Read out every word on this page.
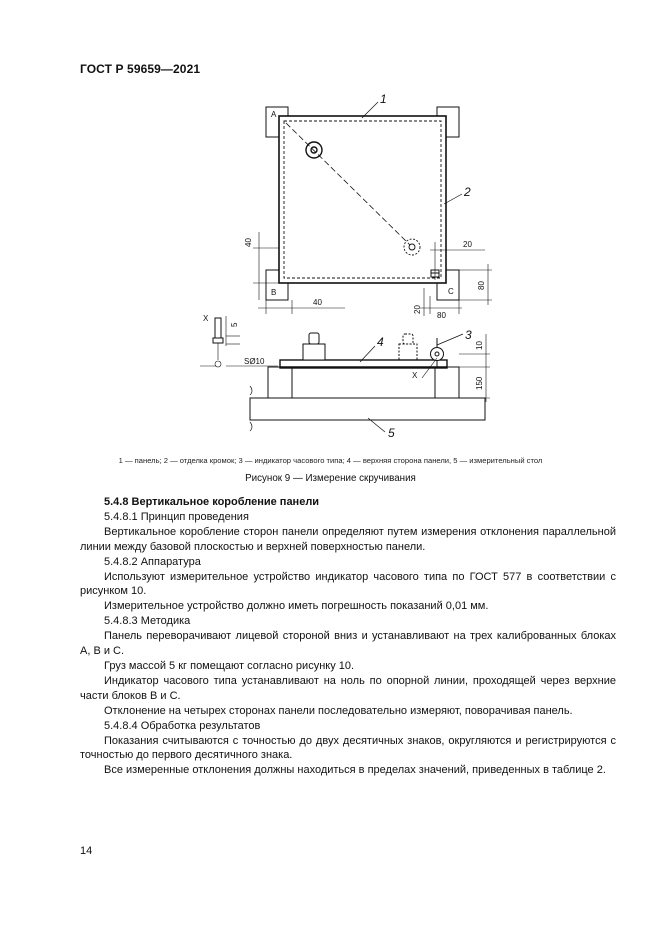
ГОСТ Р 59659—2021
1
2
3
4
5
A
B	C
40
40
20
80
20
80
X
5
SØ10
10
150
X
1 — панель; 2 — отделка кромок; 3 — индикатор часового типа; 4 — верхняя сторона панели, 5 — измерительный стол
Рисунок 9 — Измерение скручивания

5.4.8 Вертикальное коробление панели

5.4.8.1 Принцип проведения

Вертикальное коробление сторон панели определяют путем измерения отклонения параллельной линии между базовой плоскостью и верхней поверхностью панели.

5.4.8.2 Аппаратура

Используют измерительное устройство индикатор часового типа по ГОСТ 577 в соответствии с рисунком 10.

Измерительное устройство должно иметь погрешность показаний 0,01 мм.

5.4.8.3 Методика

Панель переворачивают лицевой стороной вниз и устанавливают на трех калиброванных блоках А, В и С.

Груз массой 5 кг помещают согласно рисунку 10.

Индикатор часового типа устанавливают на ноль по опорной линии, проходящей через верхние части блоков В и С.

Отклонение на четырех сторонах панели последовательно измеряют, поворачивая панель.

5.4.8.4 Обработка результатов

Показания считываются с точностью до двух десятичных знаков, округляются и регистрируются с точностью до первого десятичного знака.

Все измеренные отклонения должны находиться в пределах значений, приведенных в таблице 2.

14
